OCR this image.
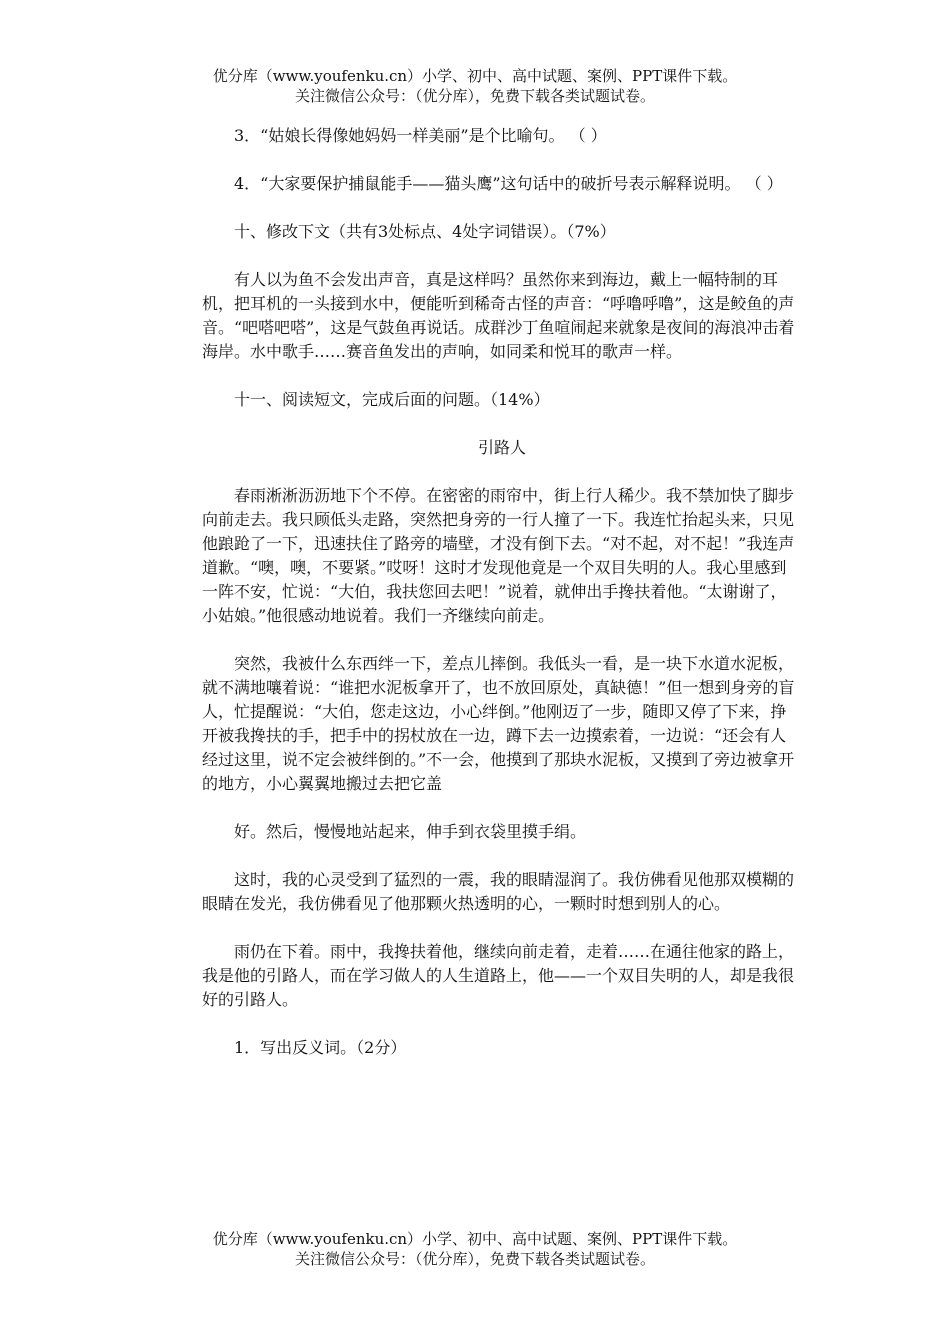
优分库（www.youfenku.cn）小学、初中、高中试题、案例、PPT课件下载。
关注微信公众号：（优分库），免费下载各类试题试卷。

3．“姑娘长得像她妈妈一样美丽”是个比喻句。 （ ）

4．“大家要保护捕鼠能手——猫头鹰”这句话中的破折号表示解释说明。 （ ）

十、修改下文（共有3处标点、4处字词错误）。（7%）

有人以为鱼不会发出声音，真是这样吗？虽然你来到海边，戴上一幅特制的耳机，把耳机的一头接到水中，便能听到稀奇古怪的声音：“呼噜呼噜”，这是鲛鱼的声音。“吧嗒吧嗒”，这是气鼓鱼再说话。成群沙丁鱼喧闹起来就象是夜间的海浪冲击着海岸。水中歌手……赛音鱼发出的声响，如同柔和悦耳的歌声一样。

十一、阅读短文，完成后面的问题。（14%）

引路人

春雨淅淅沥沥地下个不停。在密密的雨帘中，街上行人稀少。我不禁加快了脚步向前走去。我只顾低头走路，突然把身旁的一行人撞了一下。我连忙抬起头来，只见他踉跄了一下，迅速扶住了路旁的墙壁，才没有倒下去。“对不起，对不起！”我连声道歉。“噢，噢，不要紧。”哎呀！这时才发现他竟是一个双目失明的人。我心里感到一阵不安，忙说：“大伯，我扶您回去吧！”说着，就伸出手搀扶着他。“太谢谢了，小姑娘。”他很感动地说着。我们一齐继续向前走。

突然，我被什么东西绊一下，差点儿摔倒。我低头一看，是一块下水道水泥板，就不满地嚷着说：“谁把水泥板拿开了，也不放回原处，真缺德！”但一想到身旁的盲人，忙提醒说：“大伯，您走这边，小心绊倒。”他刚迈了一步，随即又停了下来，挣开被我搀扶的手，把手中的拐杖放在一边，蹲下去一边摸索着，一边说：“还会有人经过这里，说不定会被绊倒的。”不一会，他摸到了那块水泥板，又摸到了旁边被拿开的地方，小心翼翼地搬过去把它盖

好。然后，慢慢地站起来，伸手到衣袋里摸手绢。

这时，我的心灵受到了猛烈的一震，我的眼睛湿润了。我仿佛看见他那双模糊的眼睛在发光，我仿佛看见了他那颗火热透明的心，一颗时时想到别人的心。

雨仍在下着。雨中，我搀扶着他，继续向前走着，走着……在通往他家的路上，我是他的引路人，而在学习做人的人生道路上，他——一个双目失明的人，却是我很好的引路人。

1．写出反义词。（2分）

优分库（www.youfenku.cn）小学、初中、高中试题、案例、PPT课件下载。
关注微信公众号：（优分库），免费下载各类试题试卷。
